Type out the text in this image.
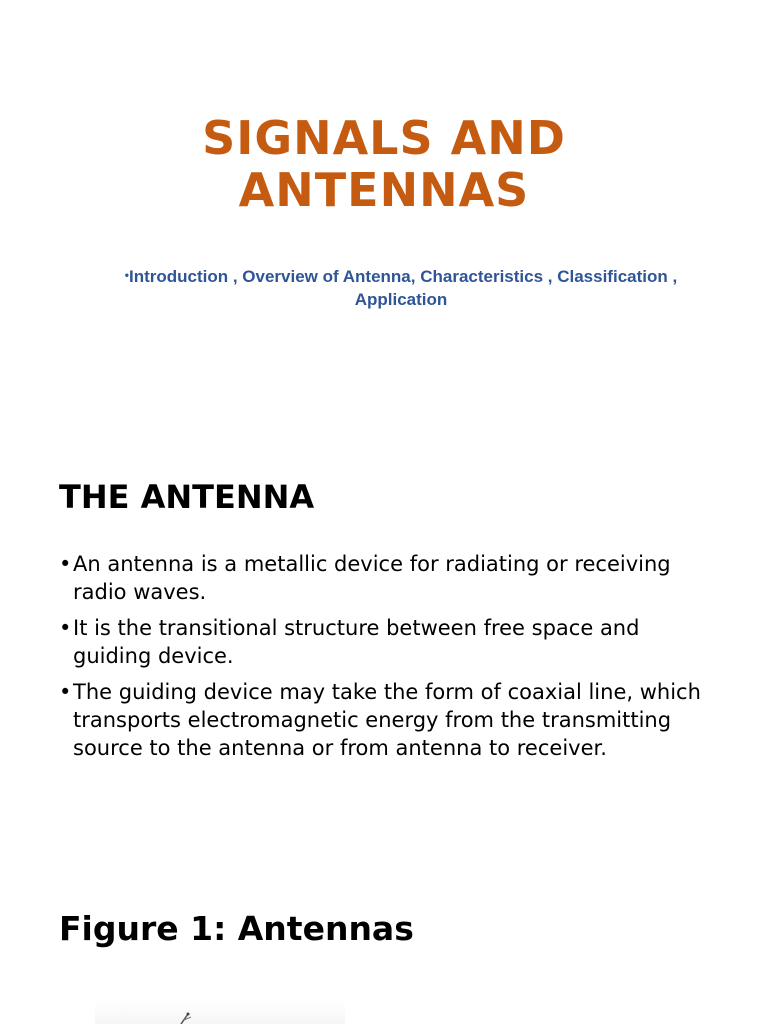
SIGNALS AND
ANTENNAS

•Introduction , Overview of Antenna, Characteristics , Classification , Application

THE ANTENNA
• An antenna is a metallic device for radiating or receiving radio waves.
• It is the transitional structure between free space and guiding device.
• The guiding device may take the form of coaxial line, which transports electromagnetic energy from the transmitting source to the antenna or from antenna to receiver.
Figure 1: Antennas
